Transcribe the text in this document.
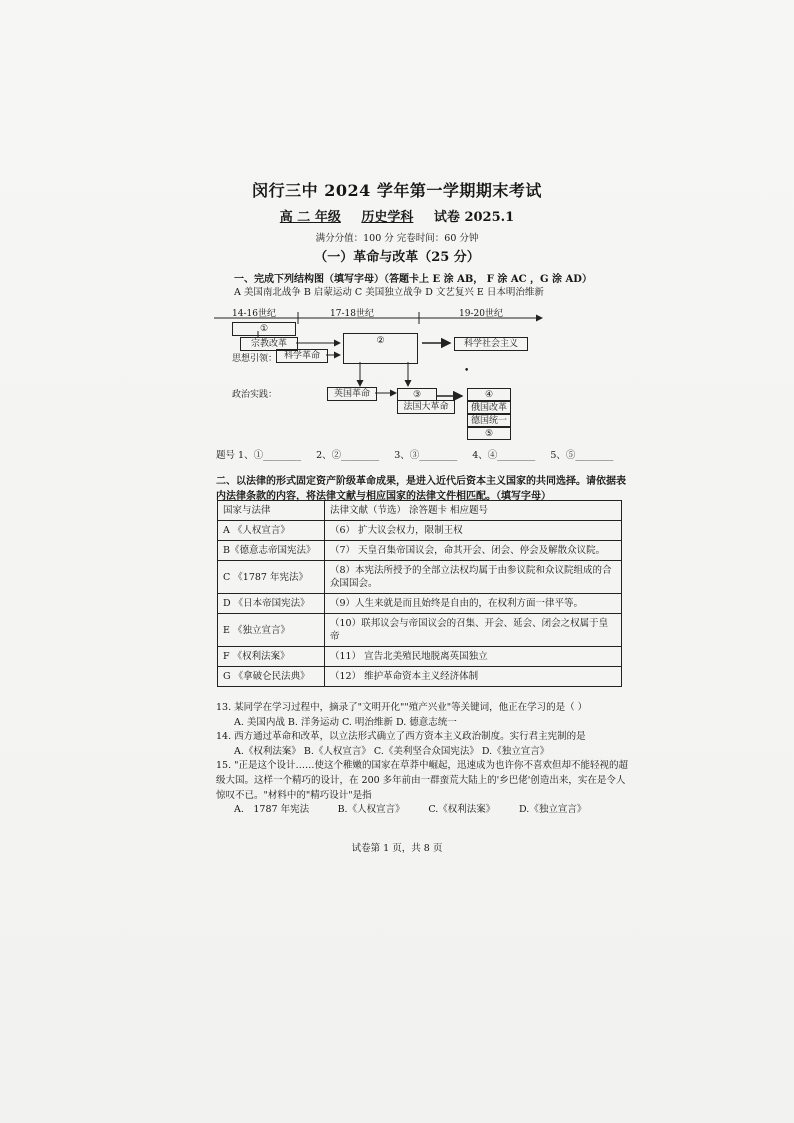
闵行三中 2024 学年第一学期期末考试
高 二 年级 历史学科 试卷 2025.1
满分分值：100 分 完卷时间：60 分钟
（一）革命与改革（25 分）
一、完成下列结构图（填写字母）（答题卡上 E 涂 AB， F 涂 AC ，G 涂 AD）
A 美国南北战争 B 启蒙运动 C 美国独立战争 D 文艺复兴 E 日本明治维新
14-16世纪	17-18世纪	19-20世纪
①
宗教改革	②	科学社会主义
思想引领： 科学革命
政治实践：	英国革命	③
法国大革命
④
俄国改革
德国统一
⑤
•
题号 1、①________ 2、②________ 3、③________ 4、④________ 5、⑤________
二、以法律的形式固定资产阶级革命成果，是进入近代后资本主义国家的共同选择。请依据表内法律条款的内容，将法律文献与相应国家的法律文件相匹配。（填写字母）
国家与法律	法律文献（节选） 涂答题卡 相应题号
A 《人权宣言》	（6） 扩大议会权力，限制王权
B《德意志帝国宪法》	（7） 天皇召集帝国议会，命其开会、闭会、停会及解散众议院。
C 《1787 年宪法》	（8）本宪法所授予的全部立法权均属于由参议院和众议院组成的合众国国会。
D 《日本帝国宪法》	（9）人生来就是而且始终是自由的，在权利方面一律平等。
E 《独立宣言》	（10）联邦议会与帝国议会的召集、开会、延会、闭会之权属于皇帝
F 《权利法案》	（11） 宣告北美殖民地脱离英国独立
G 《拿破仑民法典》	（12） 维护革命资本主义经济体制
13. 某同学在学习过程中，摘录了"文明开化""殖产兴业"等关键词，他正在学习的是（ ）
A. 美国内战 B. 洋务运动 C. 明治维新 D. 德意志统一
14. 西方通过革命和改革，以立法形式确立了西方资本主义政治制度。实行君主宪制的是
A.《权利法案》 B.《人权宣言》 C.《美利坚合众国宪法》 D.《独立宣言》
15. "正是这个设计……使这个稚嫩的国家在草莽中崛起，迅速成为也许你不喜欢但却不能轻视的超级大国。这样一个精巧的设计，在 200 多年前由一群蛮荒大陆上的'乡巴佬'创造出来，实在是令人惊叹不已。"材料中的"精巧设计"是指
A.　1787 年宪法　　　B.《人权宣言》　　　C.《权利法案》　　　D.《独立宣言》
试卷第 1 页，共 8 页
